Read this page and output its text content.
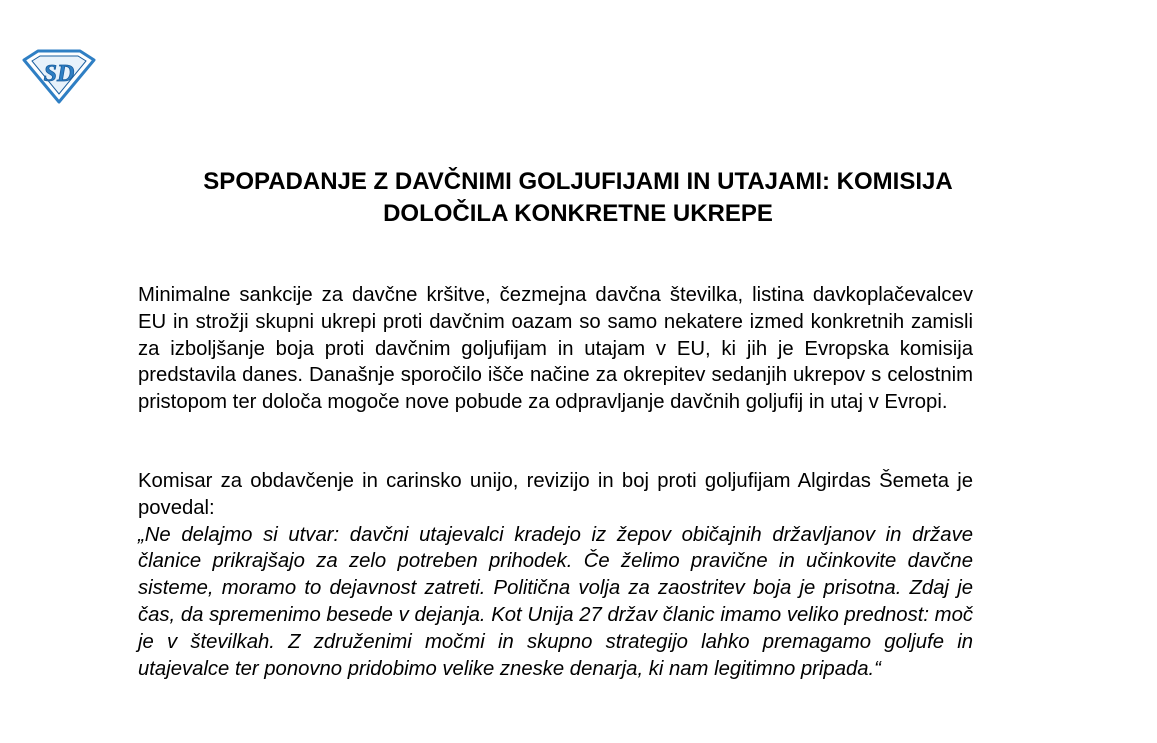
SD
SPOPADANJE Z DAVČNIMI GOLJUFIJAMI IN UTAJAMI: KOMISIJA DOLOČILA KONKRETNE UKREPE

Minimalne sankcije za davčne kršitve, čezmejna davčna številka, listina davkoplačevalcev EU in strožji skupni ukrepi proti davčnim oazam so samo nekatere izmed konkretnih zamisli za izboljšanje boja proti davčnim goljufijam in utajam v EU, ki jih je Evropska komisija predstavila danes. Današnje sporočilo išče načine za okrepitev sedanjih ukrepov s celostnim pristopom ter določa mogoče nove pobude za odpravljanje davčnih goljufij in utaj v Evropi.

Komisar za obdavčenje in carinsko unijo, revizijo in boj proti goljufijam Algirdas Šemeta je povedal:
„Ne delajmo si utvar: davčni utajevalci kradejo iz žepov običajnih državljanov in države članice prikrajšajo za zelo potreben prihodek. Če želimo pravične in učinkovite davčne sisteme, moramo to dejavnost zatreti. Politična volja za zaostritev boja je prisotna. Zdaj je čas, da spremenimo besede v dejanja. Kot Unija 27 držav članic imamo veliko prednost: moč je v številkah. Z združenimi močmi in skupno strategijo lahko premagamo goljufe in utajevalce ter ponovno pridobimo velike zneske denarja, ki nam legitimno pripada.“
